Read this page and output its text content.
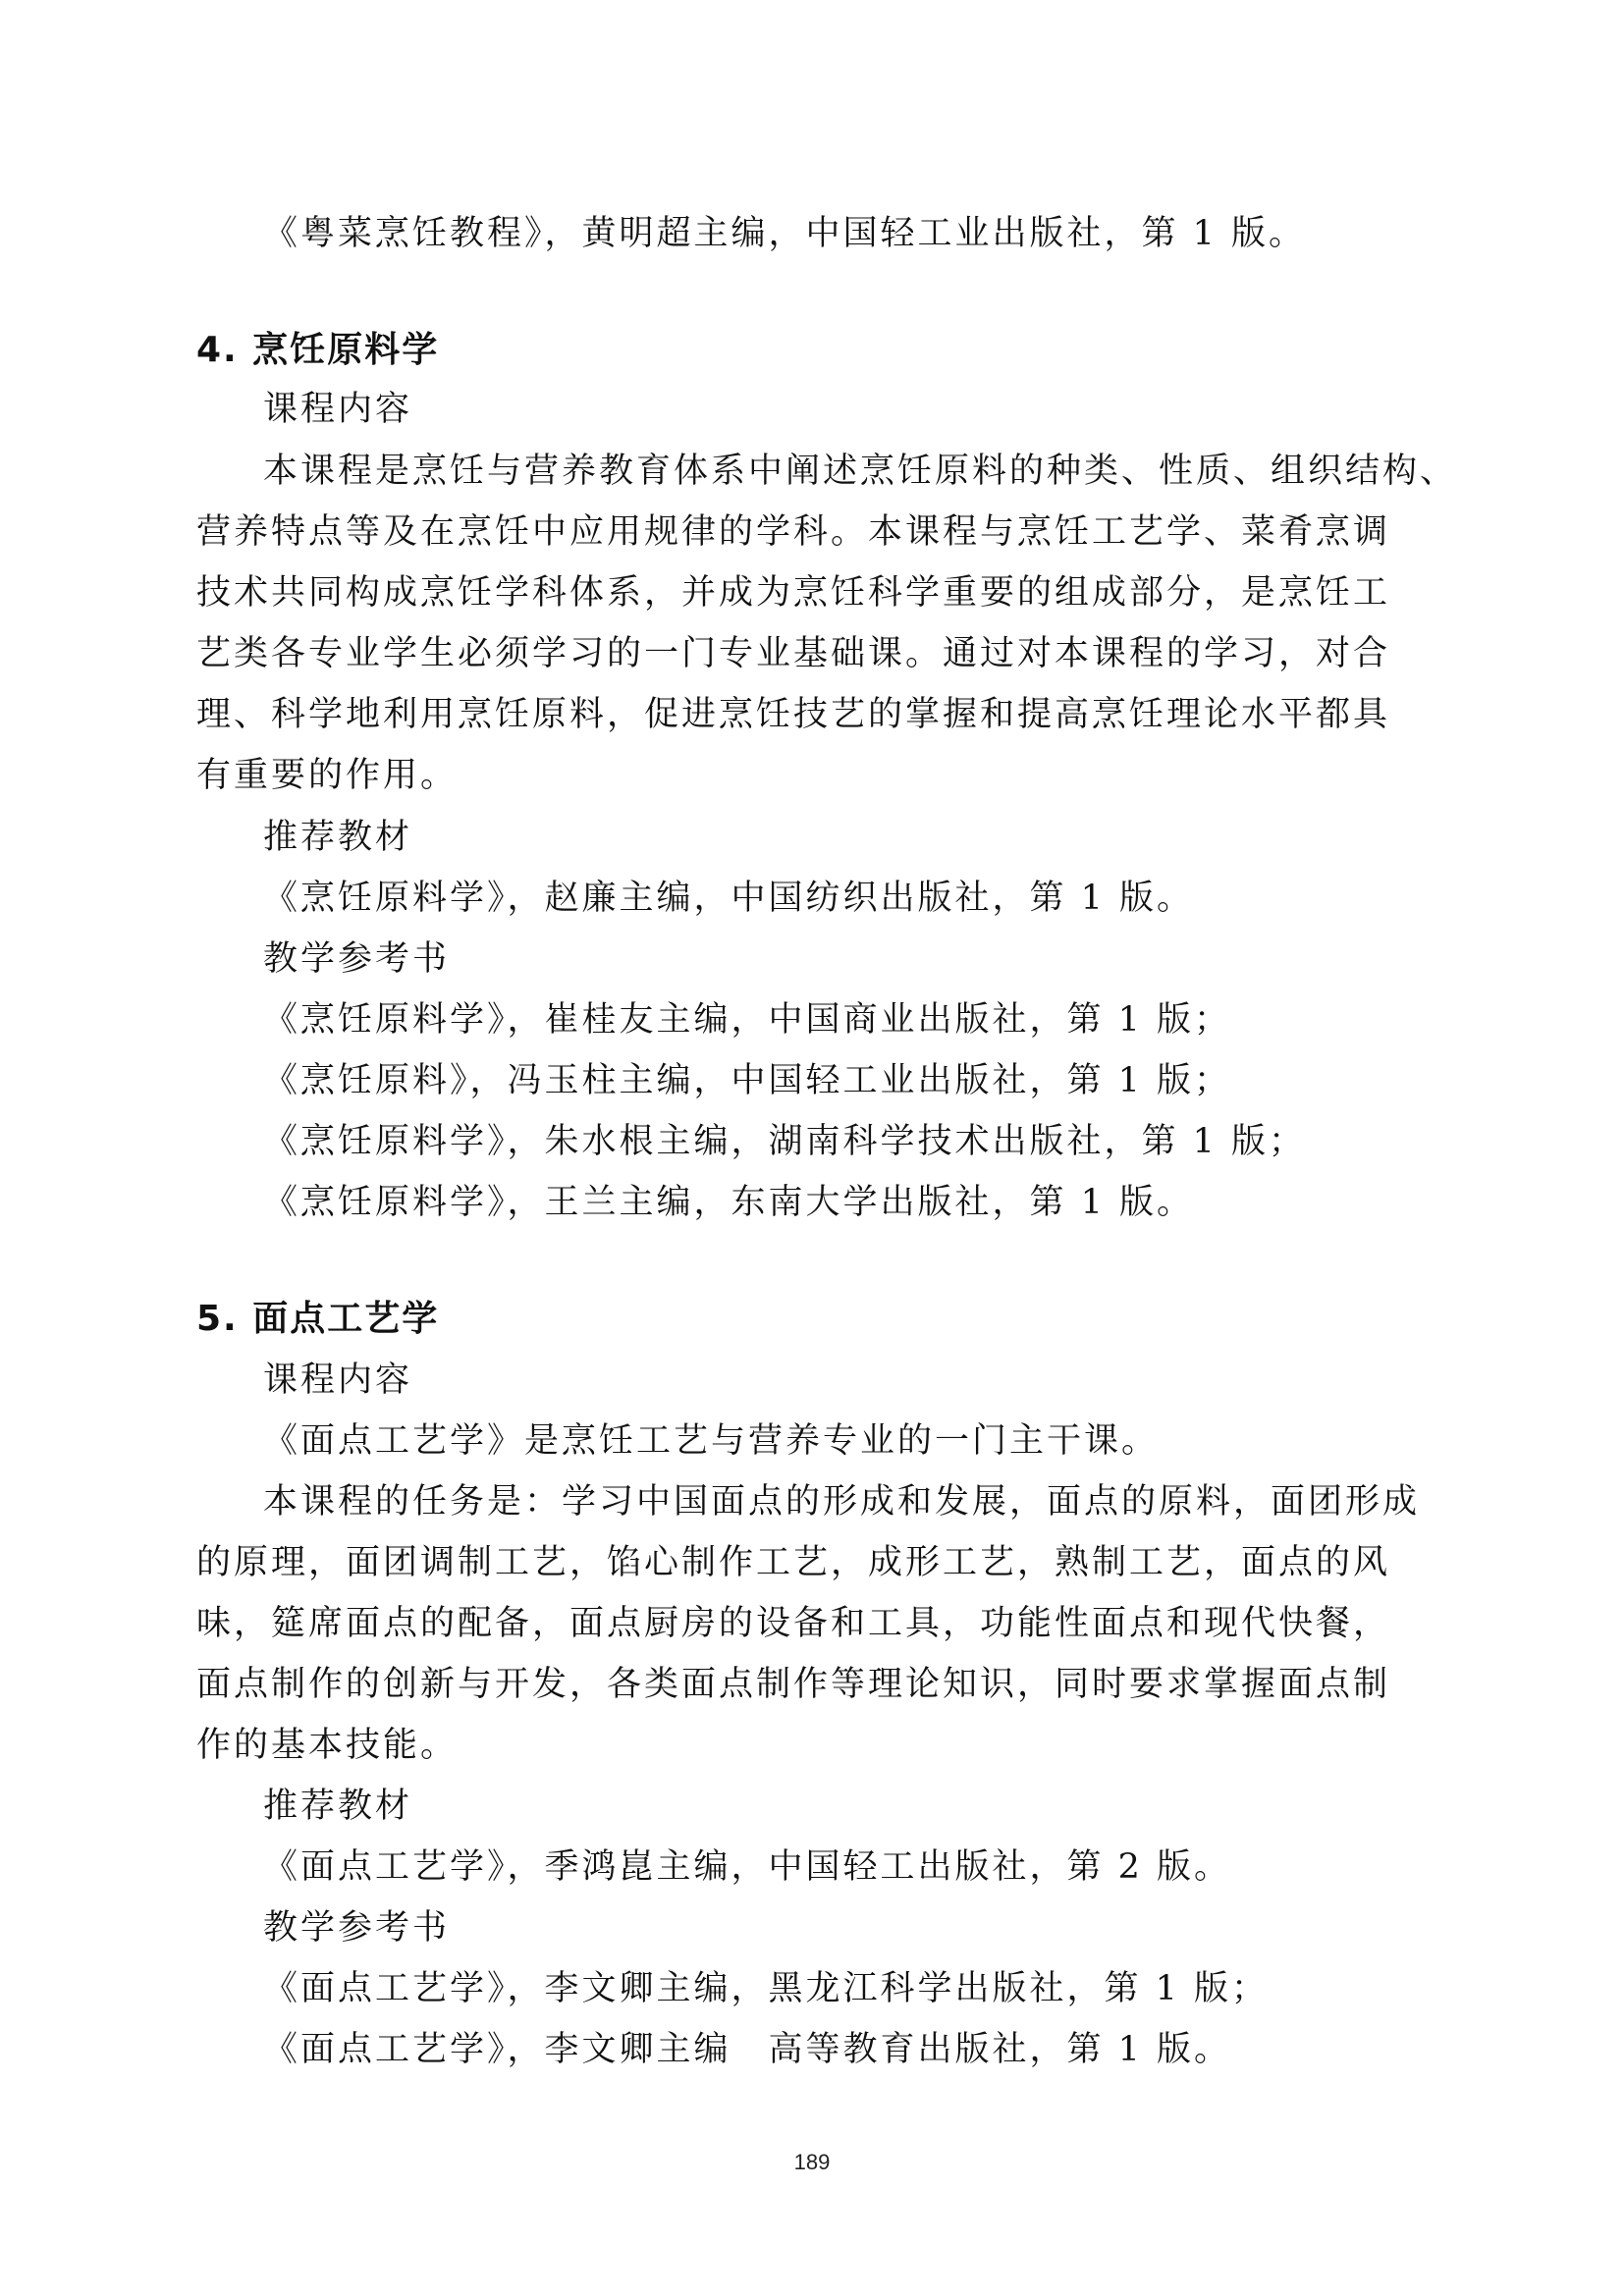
《粤菜烹饪教程》，黄明超主编，中国轻工业出版社，第 1 版。
4. 烹饪原料学
课程内容
本课程是烹饪与营养教育体系中阐述烹饪原料的种类、性质、组织结构、
营养特点等及在烹饪中应用规律的学科。本课程与烹饪工艺学、菜肴烹调
技术共同构成烹饪学科体系，并成为烹饪科学重要的组成部分，是烹饪工
艺类各专业学生必须学习的一门专业基础课。通过对本课程的学习，对合
理、科学地利用烹饪原料，促进烹饪技艺的掌握和提高烹饪理论水平都具
有重要的作用。
推荐教材
《烹饪原料学》，赵廉主编，中国纺织出版社，第 1 版。
教学参考书
《烹饪原料学》，崔桂友主编，中国商业出版社，第 1 版；
《烹饪原料》，冯玉柱主编，中国轻工业出版社，第 1 版；
《烹饪原料学》，朱水根主编，湖南科学技术出版社，第 1 版；
《烹饪原料学》，王兰主编，东南大学出版社，第 1 版。
5. 面点工艺学
课程内容
《面点工艺学》是烹饪工艺与营养专业的一门主干课。
本课程的任务是：学习中国面点的形成和发展，面点的原料，面团形成
的原理，面团调制工艺，馅心制作工艺，成形工艺，熟制工艺，面点的风
味，筵席面点的配备，面点厨房的设备和工具，功能性面点和现代快餐，
面点制作的创新与开发，各类面点制作等理论知识，同时要求掌握面点制
作的基本技能。
推荐教材
《面点工艺学》，季鸿崑主编，中国轻工出版社，第 2 版。
教学参考书
《面点工艺学》，李文卿主编，黑龙江科学出版社，第 1 版；
《面点工艺学》，李文卿主编　高等教育出版社，第 1 版。
189
